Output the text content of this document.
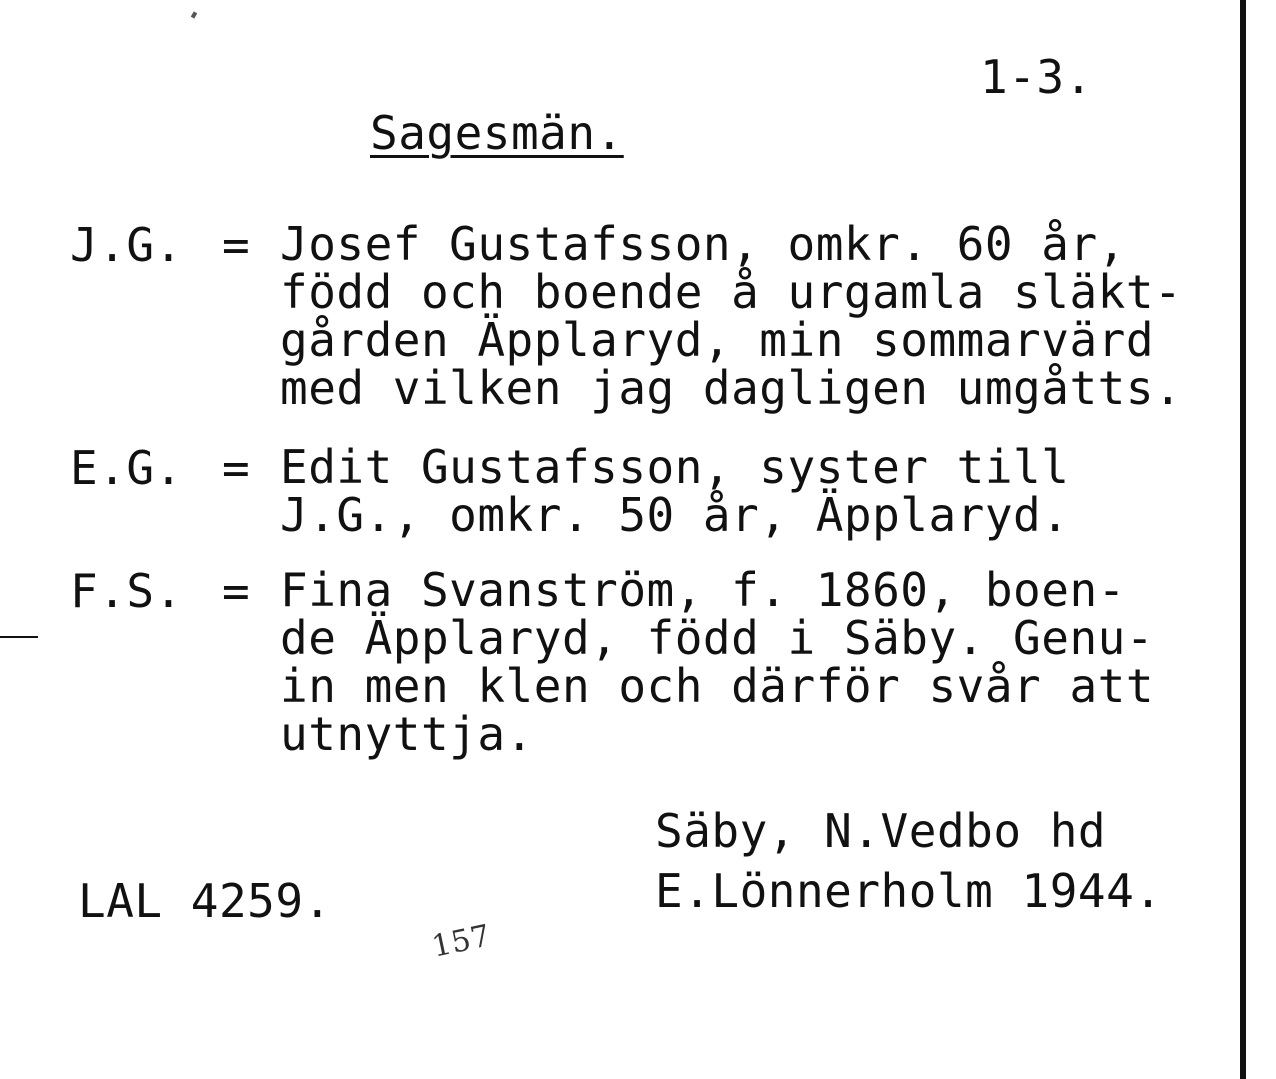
1-3.
Sagesmän.
J.G. = Josef Gustafsson, omkr. 60 år,
född och boende å urgamla släkt-
gården Äpplaryd, min sommarvärd
med vilken jag dagligen umgåtts.
E.G. = Edit Gustafsson, syster till
J.G., omkr. 50 år, Äpplaryd.
F.S. = Fina Svanström, f. 1860, boen-
de Äpplaryd, född i Säby. Genu-
in men klen och därför svår att
utnyttja.
Säby, N.Vedbo hd
E.Lönnerholm 1944.
LAL 4259.
157
